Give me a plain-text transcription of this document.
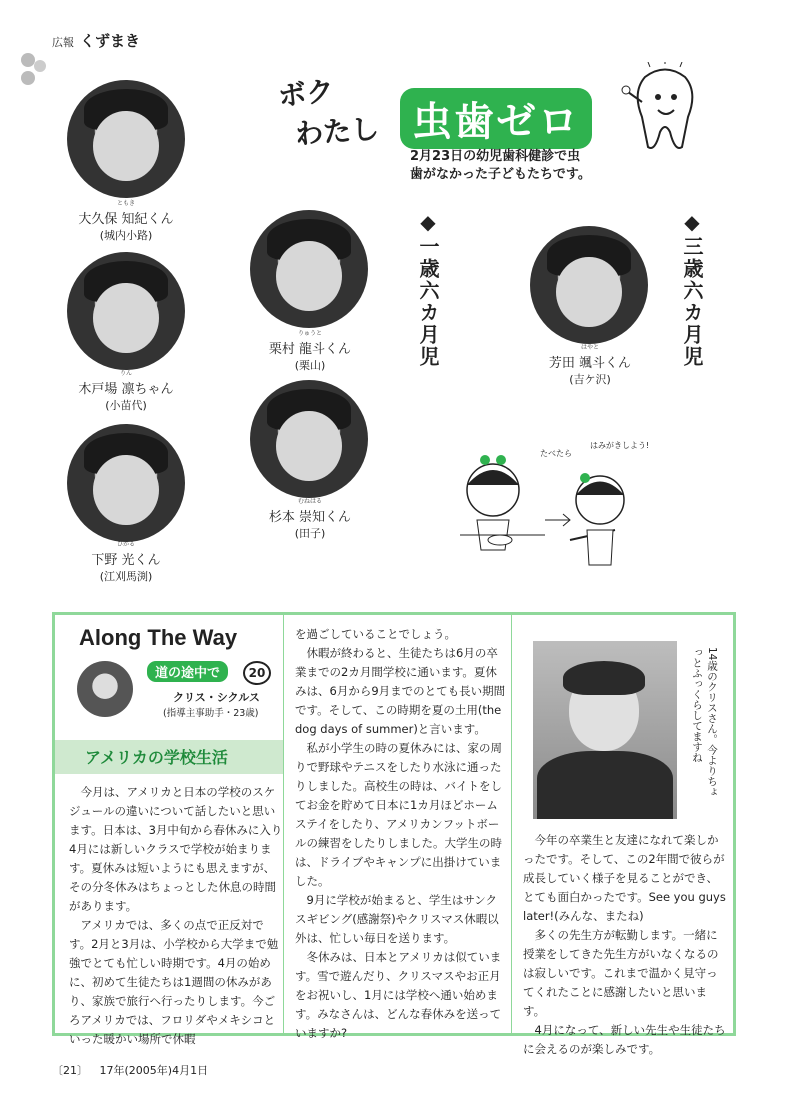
広報 くずまき
ボク
わたし 虫歯ゼロ
2月23日の幼児歯科健診で虫
歯がなかった子どもたちです。
ともき
大久保 知紀くん
(城内小路)
りん
木戸場 凛ちゃん
(小苗代)
ひかる
下野 光くん
(江刈馬渕)
りゅうと
栗村 龍斗くん
(栗山)
むねはる
杉本 崇知くん
(田子)
◆一歳六カ月児	◆三歳六カ月児
はやと
芳田 颯斗くん
(吉ケ沢)
たべたら
はみがきしよう!
Along The Way
道の途中で	20
クリス・シクルス
(指導主事助手・23歳)
アメリカの学校生活

今月は、アメリカと日本の学校のスケジュールの違いについて話したいと思います。日本は、3月中旬から春休みに入り4月には新しいクラスで学校が始まります。夏休みは短いようにも思えますが、その分冬休みはちょっとした休息の時間があります。

アメリカでは、多くの点で正反対です。2月と3月は、小学校から大学まで勉強でとても忙しい時期です。4月の始めに、初めて生徒たちは1週間の休みがあり、家族で旅行へ行ったりします。今ごろアメリカでは、フロリダやメキシコといった暖かい場所で休暇

を過ごしていることでしょう。

休暇が終わると、生徒たちは6月の卒業までの2カ月間学校に通います。夏休みは、6月から9月までのとても長い期間です。そして、この時期を夏の土用(the dog days of summer)と言います。

私が小学生の時の夏休みには、家の周りで野球やテニスをしたり水泳に通ったりしました。高校生の時は、バイトをしてお金を貯めて日本に1カ月ほどホームステイをしたり、アメリカンフットボールの練習をしたりしました。大学生の時は、ドライブやキャンプに出掛けていました。

9月に学校が始まると、学生はサンクスギビング(感謝祭)やクリスマス休暇以外は、忙しい毎日を送ります。

冬休みは、日本とアメリカは似ています。雪で遊んだり、クリスマスやお正月をお祝いし、1月には学校へ通い始めます。みなさんは、どんな春休みを送っていますか?

14歳のクリスさん。今よりちょっとふっくらしてますね

今年の卒業生と友達になれて楽しかったです。そして、この2年間で彼らが成長していく様子を見ることができ、とても面白かったです。See you guys later!(みんな、またね)

多くの先生方が転勤します。一緒に授業をしてきた先生方がいなくなるのは寂しいです。これまで温かく見守ってくれたことに感謝したいと思います。

4月になって、新しい先生や生徒たちに会えるのが楽しみです。

〔21〕 17年(2005年)4月1日
